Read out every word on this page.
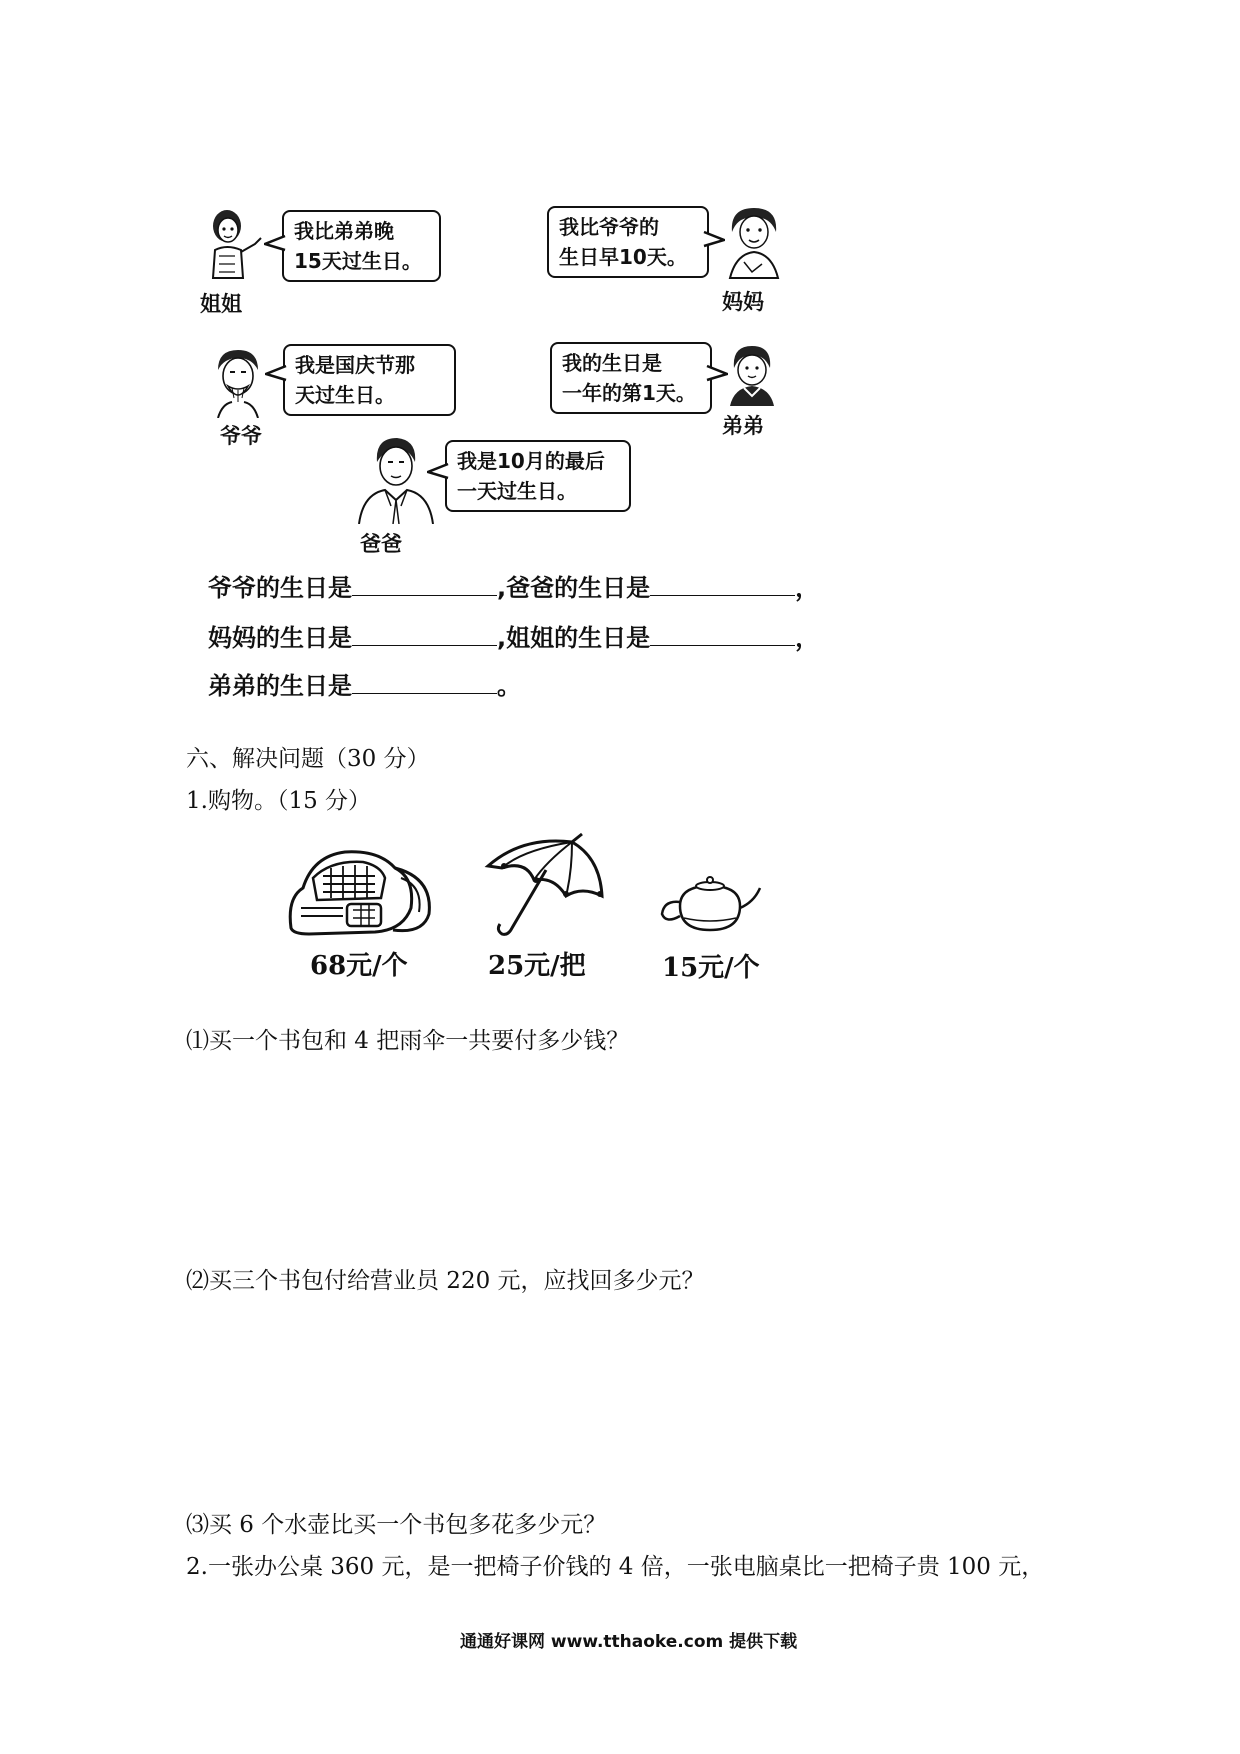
姐姐
我比弟弟晚
15天过生日。
我比爷爷的
生日早10天。
妈妈
爷爷
我是国庆节那
天过生日。
我的生日是
一年的第1天。
弟弟
爸爸
我是10月的最后
一天过生日。
爷爷的生日是	,爸爸的生日是	，
妈妈的生日是	,姐姐的生日是	，
弟弟的生日是	。
六、解决问题（30 分）
1.购物。（15 分）
68元/个	25元/把	15元/个
⑴买一个书包和 4 把雨伞一共要付多少钱？
⑵买三个书包付给营业员 220 元，应找回多少元？
⑶买 6 个水壶比买一个书包多花多少元？
2.一张办公桌 360 元，是一把椅子价钱的 4 倍，一张电脑桌比一把椅子贵 100 元，
通通好课网 www.tthaoke.com 提供下载
